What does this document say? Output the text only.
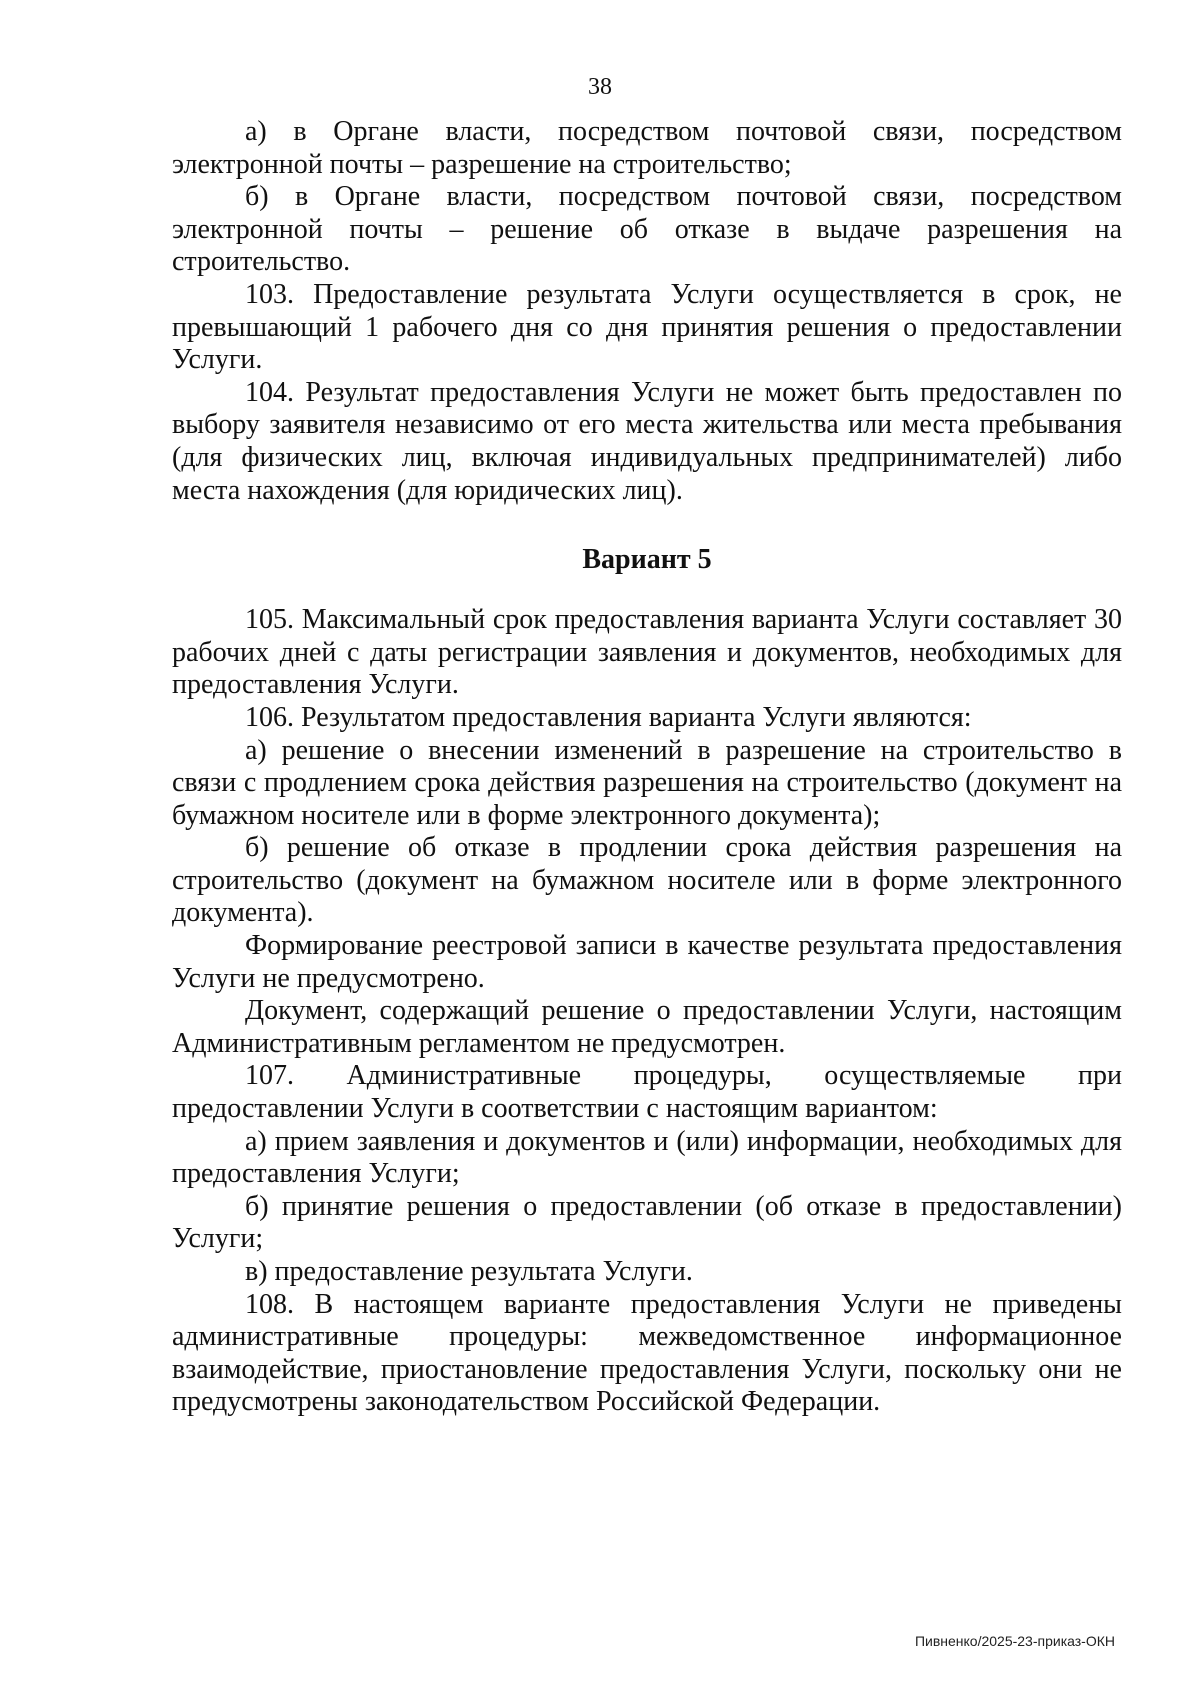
38

а) в Органе власти, посредством почтовой связи, посредством электронной почты – разрешение на строительство;

б) в Органе власти, посредством почтовой связи, посредством электронной почты – решение об отказе в выдаче разрешения на строительство.

103. Предоставление результата Услуги осуществляется в срок, не превышающий 1 рабочего дня со дня принятия решения о предоставлении Услуги.

104. Результат предоставления Услуги не может быть предоставлен по выбору заявителя независимо от его места жительства или места пребывания (для физических лиц, включая индивидуальных предпринимателей) либо места нахождения (для юридических лиц).

Вариант 5

105. Максимальный срок предоставления варианта Услуги составляет 30 рабочих дней с даты регистрации заявления и документов, необходимых для предоставления Услуги.

106. Результатом предоставления варианта Услуги являются:

а) решение о внесении изменений в разрешение на строительство в связи с продлением срока действия разрешения на строительство (документ на бумажном носителе или в форме электронного документа);

б) решение об отказе в продлении срока действия разрешения на строительство (документ на бумажном носителе или в форме электронного документа).

Формирование реестровой записи в качестве результата предоставления Услуги не предусмотрено.

Документ, содержащий решение о предоставлении Услуги, настоящим Административным регламентом не предусмотрен.

107. Административные процедуры, осуществляемые при предоставлении Услуги в соответствии с настоящим вариантом:

а) прием заявления и документов и (или) информации, необходимых для предоставления Услуги;

б) принятие решения о предоставлении (об отказе в предоставлении) Услуги;

в) предоставление результата Услуги.

108. В настоящем варианте предоставления Услуги не приведены административные процедуры: межведомственное информационное взаимодействие, приостановление предоставления Услуги, поскольку они не предусмотрены законодательством Российской Федерации.

Пивненко/2025-23-приказ-ОКН
